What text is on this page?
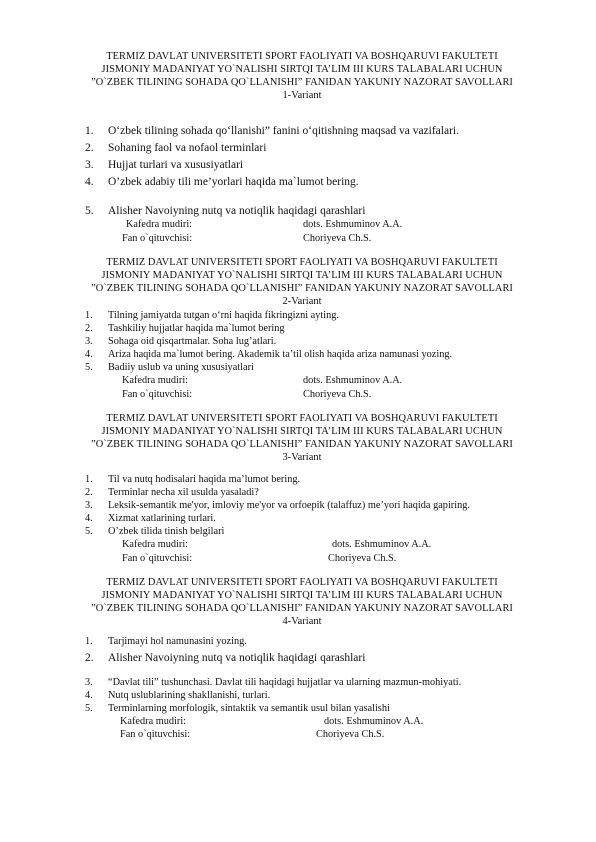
TERMIZ DAVLAT UNIVERSITETI SPORT FAOLIYATI VA BOSHQARUVI FAKULTETI
JISMONIY MADANIYAT YO`NALISHI SIRTQI TA’LIM III KURS TALABALARI UCHUN
”O`ZBEK TILINING SOHADA QO`LLANISHI” FANIDAN YAKUNIY NAZORAT SAVOLLARI
1-Variant
1. O‘zbek tilining sohada qo‘llanishi” fanini o‘qitishning maqsad va vazifalari.
2. Sohaning faol va nofaol terminlari
3. Hujjat turlari va xususiyatlari
4. O’zbek adabiy tili me’yorlari haqida ma`lumot bering.
5. Alisher Navoiyning nutq va notiqlik haqidagi qarashlari
Kafedra mudiri:	dots. Eshmuminov A.A.
Fan o`qituvchisi:	Choriyeva Ch.S.
TERMIZ DAVLAT UNIVERSITETI SPORT FAOLIYATI VA BOSHQARUVI FAKULTETI
JISMONIY MADANIYAT YO`NALISHI SIRTQI TA’LIM III KURS TALABALARI UCHUN
”O`ZBEK TILINING SOHADA QO`LLANISHI” FANIDAN YAKUNIY NAZORAT SAVOLLARI
2-Variant
1. Tilning jamiyatda tutgan o‘rni haqida fikringizni ayting.
2. Tashkiliy hujjatlar haqida ma`lumot bering
3. Sohaga oid qisqartmalar. Soha lug’atlari.
4. Ariza haqida ma`lumot bering. Akademik ta’til olish haqida ariza namunasi yozing.
5. Badiiy uslub va uning xususiyatlari
Kafedra mudiri:	dots. Eshmuminov A.A.
Fan o`qituvchisi:	Choriyeva Ch.S.
TERMIZ DAVLAT UNIVERSITETI SPORT FAOLIYATI VA BOSHQARUVI FAKULTETI
JISMONIY MADANIYAT YO`NALISHI SIRTQI TA’LIM III KURS TALABALARI UCHUN
”O`ZBEK TILINING SOHADA QO`LLANISHI” FANIDAN YAKUNIY NAZORAT SAVOLLARI
3-Variant
1. Til va nutq hodisalari haqida ma’lumot bering.
2. Terminlar necha xil usulda yasaladi?
3. Leksik-semantik me'yor, imloviy me'yor va orfoepik (talaffuz) me’yori haqida gapiring.
4. Xizmat xatlarining turlari.
5. O’zbek tilida tinish belgilari
Kafedra mudiri:	dots. Eshmuminov A.A.
Fan o`qituvchisi:	Choriyeva Ch.S.
TERMIZ DAVLAT UNIVERSITETI SPORT FAOLIYATI VA BOSHQARUVI FAKULTETI
JISMONIY MADANIYAT YO`NALISHI SIRTQI TA’LIM III KURS TALABALARI UCHUN
”O`ZBEK TILINING SOHADA QO`LLANISHI” FANIDAN YAKUNIY NAZORAT SAVOLLARI
4-Variant
1. Tarjimayi hol namunasini yozing.
2. Alisher Navoiyning nutq va notiqlik haqidagi qarashlari
3. “Davlat tili” tushunchasi. Davlat tili haqidagi hujjatlar va ularning mazmun-mohiyati.
4. Nutq uslublarining shakllanishi, turlari.
5. Terminlarning morfologik, sintaktik va semantik usul bilan yasalishi
Kafedra mudiri:	dots. Eshmuminov A.A.
Fan o`qituvchisi:	Choriyeva Ch.S.
